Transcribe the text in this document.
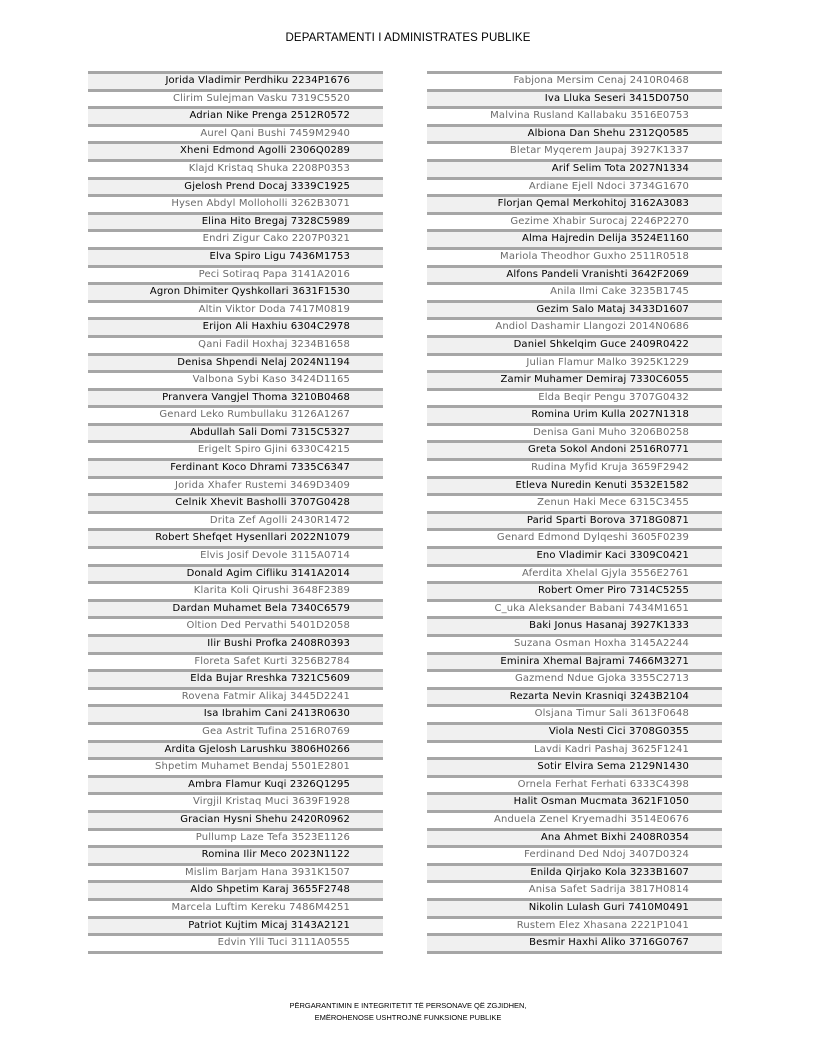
DEPARTAMENTI I ADMINISTRATES PUBLIKE
Jorida Vladimir Perdhiku 2234P1676
Clirim Sulejman Vasku 7319C5520
Adrian Nike Prenga 2512R0572
Aurel Qani Bushi 7459M2940
Xheni Edmond Agolli 2306Q0289
Klajd Kristaq Shuka 2208P0353
Gjelosh Prend Docaj 3339C1925
Hysen Abdyl Molloholli 3262B3071
Elina Hito Bregaj 7328C5989
Endri Zigur Cako 2207P0321
Elva Spiro Ligu 7436M1753
Peci Sotiraq Papa 3141A2016
Agron Dhimiter Qyshkollari 3631F1530
Altin Viktor Doda 7417M0819
Erijon Ali Haxhiu 6304C2978
Qani Fadil Hoxhaj 3234B1658
Denisa Shpendi Nelaj 2024N1194
Valbona Sybi Kaso 3424D1165
Pranvera Vangjel Thoma 3210B0468
Genard Leko Rumbullaku 3126A1267
Abdullah Sali Domi 7315C5327
Erigelt Spiro Gjini 6330C4215
Ferdinant Koco Dhrami 7335C6347
Jorida Xhafer Rustemi 3469D3409
Celnik Xhevit Basholli 3707G0428
Drita Zef Agolli 2430R1472
Robert Shefqet Hysenllari 2022N1079
Elvis Josif Devole 3115A0714
Donald Agim Cifliku 3141A2014
Klarita Koli Qirushi 3648F2389
Dardan Muhamet Bela 7340C6579
Oltion Ded Pervathi 5401D2058
Ilir Bushi Profka 2408R0393
Floreta Safet Kurti 3256B2784
Elda Bujar Rreshka 7321C5609
Rovena Fatmir Alikaj 3445D2241
Isa Ibrahim Cani 2413R0630
Gea Astrit Tufina 2516R0769
Ardita Gjelosh Larushku 3806H0266
Shpetim Muhamet Bendaj 5501E2801
Ambra Flamur Kuqi 2326Q1295
Virgjil Kristaq Muci 3639F1928
Gracian Hysni Shehu 2420R0962
Pullump Laze Tefa 3523E1126
Romina Ilir Meco 2023N1122
Mislim Barjam Hana 3931K1507
Aldo Shpetim Karaj 3655F2748
Marcela Luftim Kereku 7486M4251
Patriot Kujtim Micaj 3143A2121
Edvin Ylli Tuci 3111A0555
Fabjona Mersim Cenaj 2410R0468
Iva Lluka Seseri 3415D0750
Malvina Rusland Kallabaku 3516E0753
Albiona Dan Shehu 2312Q0585
Bletar Myqerem Jaupaj 3927K1337
Arif Selim Tota 2027N1334
Ardiane Ejell Ndoci 3734G1670
Florjan Qemal Merkohitoj 3162A3083
Gezime Xhabir Surocaj 2246P2270
Alma Hajredin Delija 3524E1160
Mariola Theodhor Guxho 2511R0518
Alfons Pandeli Vranishti 3642F2069
Anila Ilmi Cake 3235B1745
Gezim Salo Mataj 3433D1607
Andiol Dashamir Llangozi 2014N0686
Daniel Shkelqim Guce 2409R0422
Julian Flamur Malko 3925K1229
Zamir Muhamer Demiraj 7330C6055
Elda Beqir Pengu 3707G0432
Romina Urim Kulla 2027N1318
Denisa Gani Muho 3206B0258
Greta Sokol Andoni 2516R0771
Rudina Myfid Kruja 3659F2942
Etleva Nuredin Kenuti 3532E1582
Zenun Haki Mece 6315C3455
Parid Sparti Borova 3718G0871
Genard Edmond Dylqeshi 3605F0239
Eno Vladimir Kaci 3309C0421
Aferdita Xhelal Gjyla 3556E2761
Robert Omer Piro 7314C5255
C_uka Aleksander Babani 7434M1651
Baki Jonus Hasanaj 3927K1333
Suzana Osman Hoxha 3145A2244
Eminira Xhemal Bajrami 7466M3271
Gazmend Ndue Gjoka 3355C2713
Rezarta Nevin Krasniqi 3243B2104
Olsjana Timur Sali 3613F0648
Viola Nesti Cici 3708G0355
Lavdi Kadri Pashaj 3625F1241
Sotir Elvira Sema 2129N1430
Ornela Ferhat Ferhati 6333C4398
Halit Osman Mucmata 3621F1050
Anduela Zenel Kryemadhi 3514E0676
Ana Ahmet Bixhi 2408R0354
Ferdinand Ded Ndoj 3407D0324
Enilda Qirjako Kola 3233B1607
Anisa Safet Sadrija 3817H0814
Nikolin Lulash Guri 7410M0491
Rustem Elez Xhasana 2221P1041
Besmir Haxhi Aliko 3716G0767
PËRGARANTIMIN E INTEGRITETIT TË PERSONAVE QË ZGJIDHEN,
EMËROHENOSE USHTROJNË FUNKSIONE PUBLIKE
